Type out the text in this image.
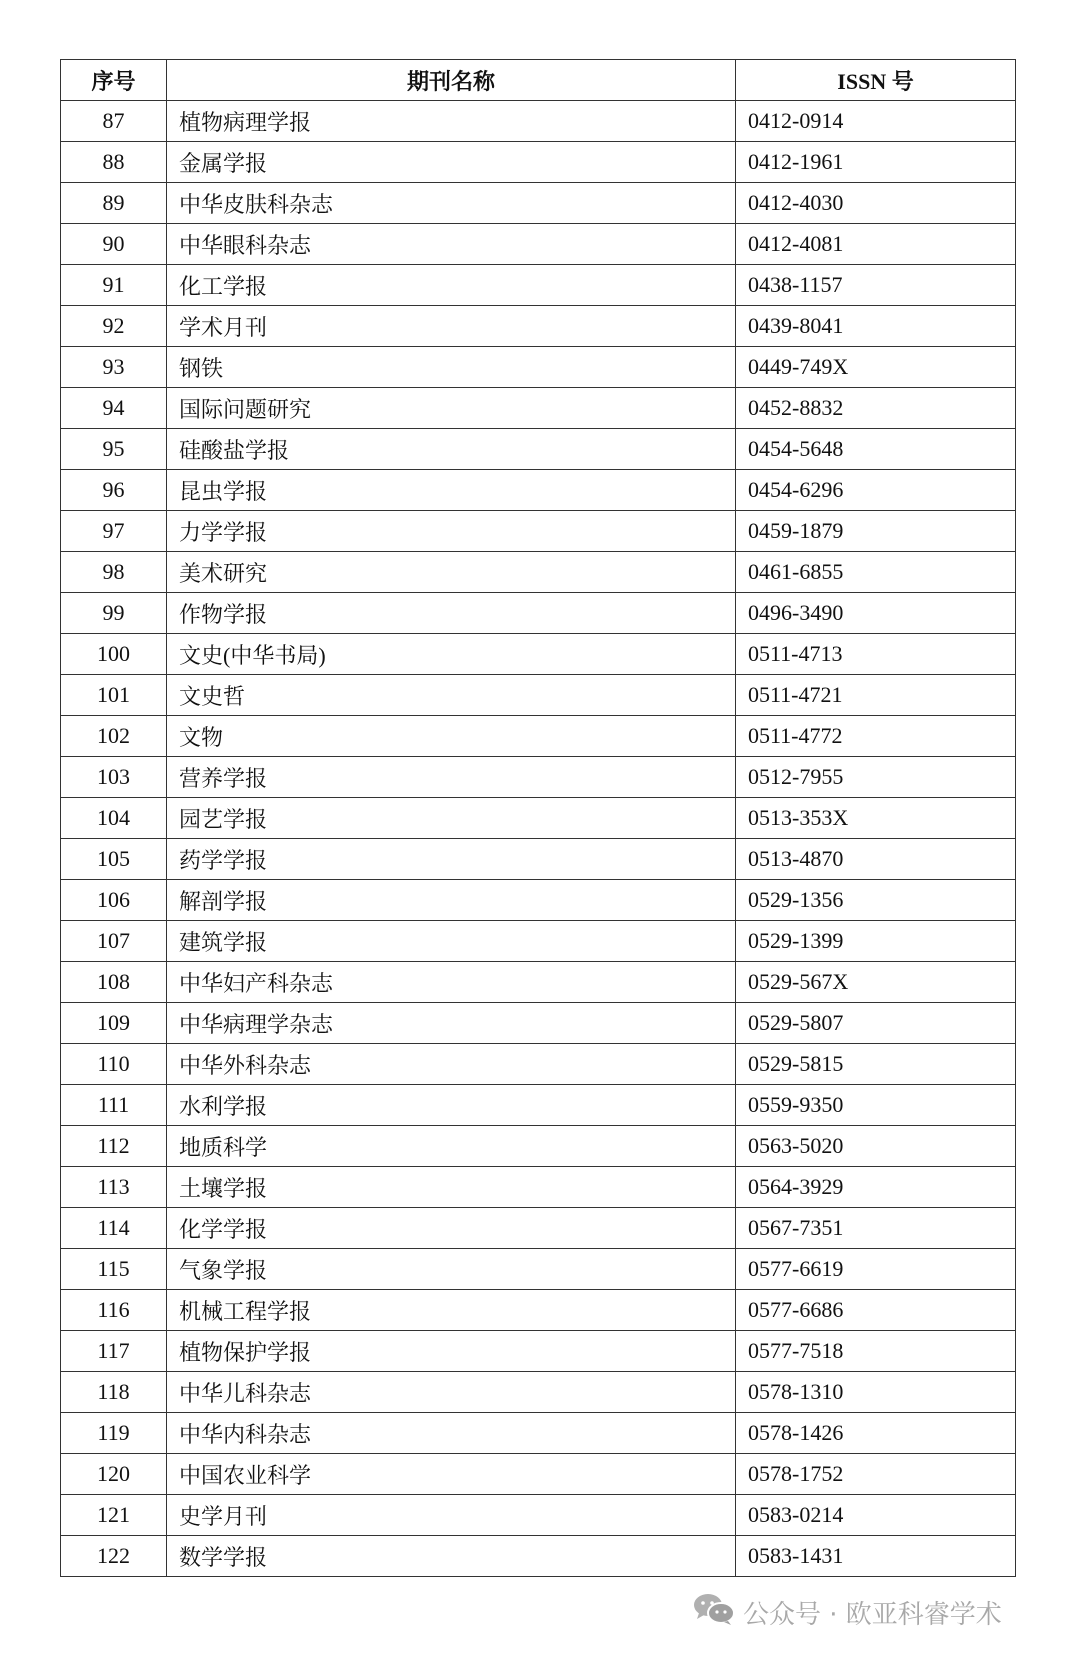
序号	期刊名称	ISSN 号
87	植物病理学报	0412-0914
88	金属学报	0412-1961
89	中华皮肤科杂志	0412-4030
90	中华眼科杂志	0412-4081
91	化工学报	0438-1157
92	学术月刊	0439-8041
93	钢铁	0449-749X
94	国际问题研究	0452-8832
95	硅酸盐学报	0454-5648
96	昆虫学报	0454-6296
97	力学学报	0459-1879
98	美术研究	0461-6855
99	作物学报	0496-3490
100	文史(中华书局)	0511-4713
101	文史哲	0511-4721
102	文物	0511-4772
103	营养学报	0512-7955
104	园艺学报	0513-353X
105	药学学报	0513-4870
106	解剖学报	0529-1356
107	建筑学报	0529-1399
108	中华妇产科杂志	0529-567X
109	中华病理学杂志	0529-5807
110	中华外科杂志	0529-5815
111	水利学报	0559-9350
112	地质科学	0563-5020
113	土壤学报	0564-3929
114	化学学报	0567-7351
115	气象学报	0577-6619
116	机械工程学报	0577-6686
117	植物保护学报	0577-7518
118	中华儿科杂志	0578-1310
119	中华内科杂志	0578-1426
120	中国农业科学	0578-1752
121	史学月刊	0583-0214
122	数学学报	0583-1431
公众号 · 欧亚科睿学术
